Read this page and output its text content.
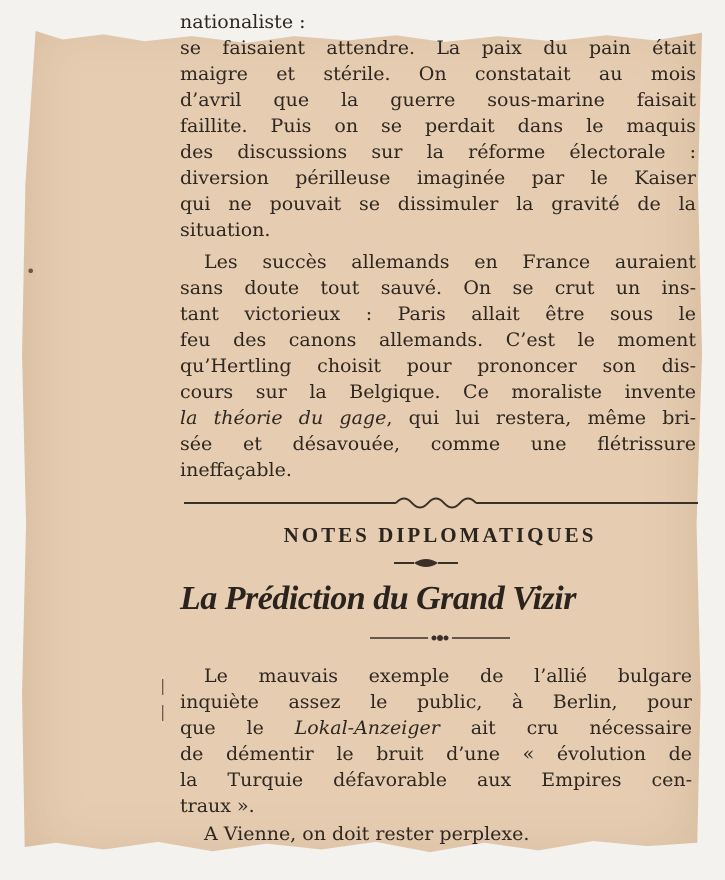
nationaliste :
se faisaient attendre. La paix du pain était
maigre et stérile. On constatait au mois
d’avril que la guerre sous-marine faisait
faillite. Puis on se perdait dans le maquis
des discussions sur la réforme électorale :
diversion périlleuse imaginée par le Kaiser
qui ne pouvait se dissimuler la gravité de la
situation.
Les succès allemands en France auraient
sans doute tout sauvé. On se crut un ins-
tant victorieux : Paris allait être sous le
feu des canons allemands. C’est le moment
qu’Hertling choisit pour prononcer son dis-
cours sur la Belgique. Ce moraliste invente
la théorie du gage, qui lui restera, même bri-
sée et désavouée, comme une flétrissure
ineffaçable.
NOTES DIPLOMATIQUES
La Prédiction du Grand Vizir
Le mauvais exemple de l’allié bulgare
inquiète assez le public, à Berlin, pour
que le Lokal-Anzeiger ait cru nécessaire
de démentir le bruit d’une « évolution de
la Turquie défavorable aux Empires cen-
traux ».
A Vienne, on doit rester perplexe.
•
|
|
